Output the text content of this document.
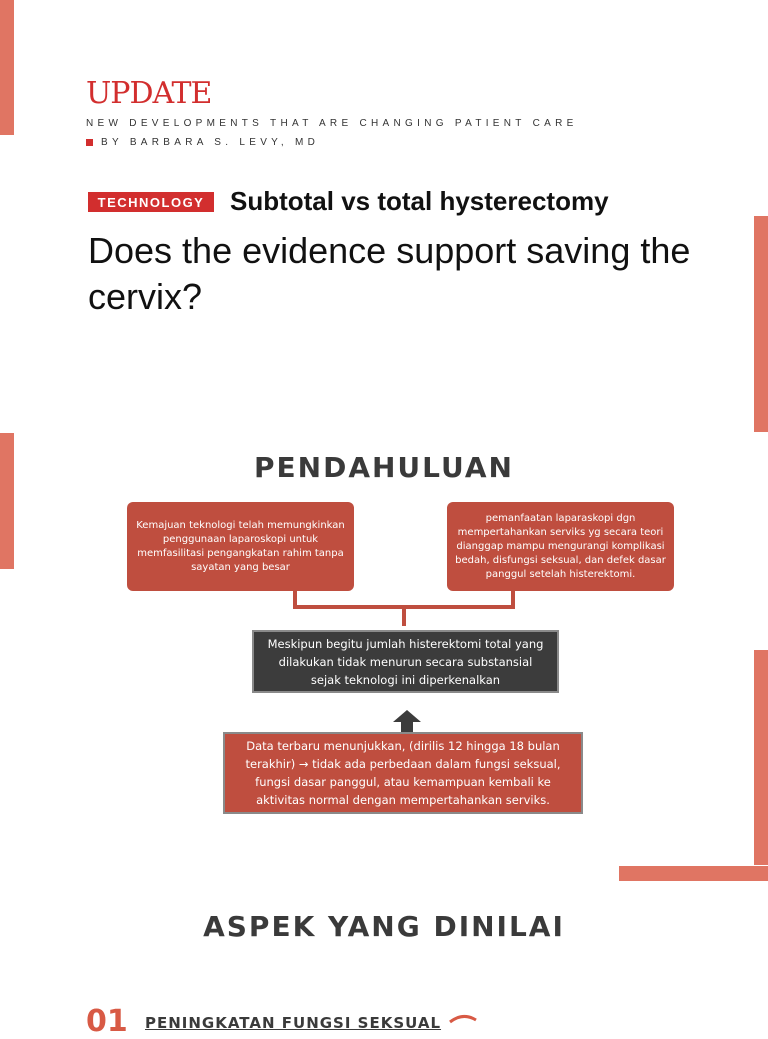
UPDATE
NEW DEVELOPMENTS THAT ARE CHANGING PATIENT CARE
BY BARBARA S. LEVY, MD
TECHNOLOGY Subtotal vs total hysterectomy
Does the evidence support saving the cervix?
PENDAHULUAN
Kemajuan teknologi telah memungkinkan penggunaan laparoskopi untuk memfasilitasi pengangkatan rahim tanpa sayatan yang besar
pemanfaatan laparaskopi dgn mempertahankan serviks yg secara teori dianggap mampu mengurangi komplikasi bedah, disfungsi seksual, dan defek dasar panggul setelah histerektomi.
Meskipun begitu jumlah histerektomi total yang dilakukan tidak menurun secara substansial sejak teknologi ini diperkenalkan
Data terbaru menunjukkan, (dirilis 12 hingga 18 bulan terakhir) → tidak ada perbedaan dalam fungsi seksual, fungsi dasar panggul, atau kemampuan kembali ke aktivitas normal dengan mempertahankan serviks.
ASPEK YANG DINILAI
01 PENINGKATAN FUNGSI SEKSUAL
